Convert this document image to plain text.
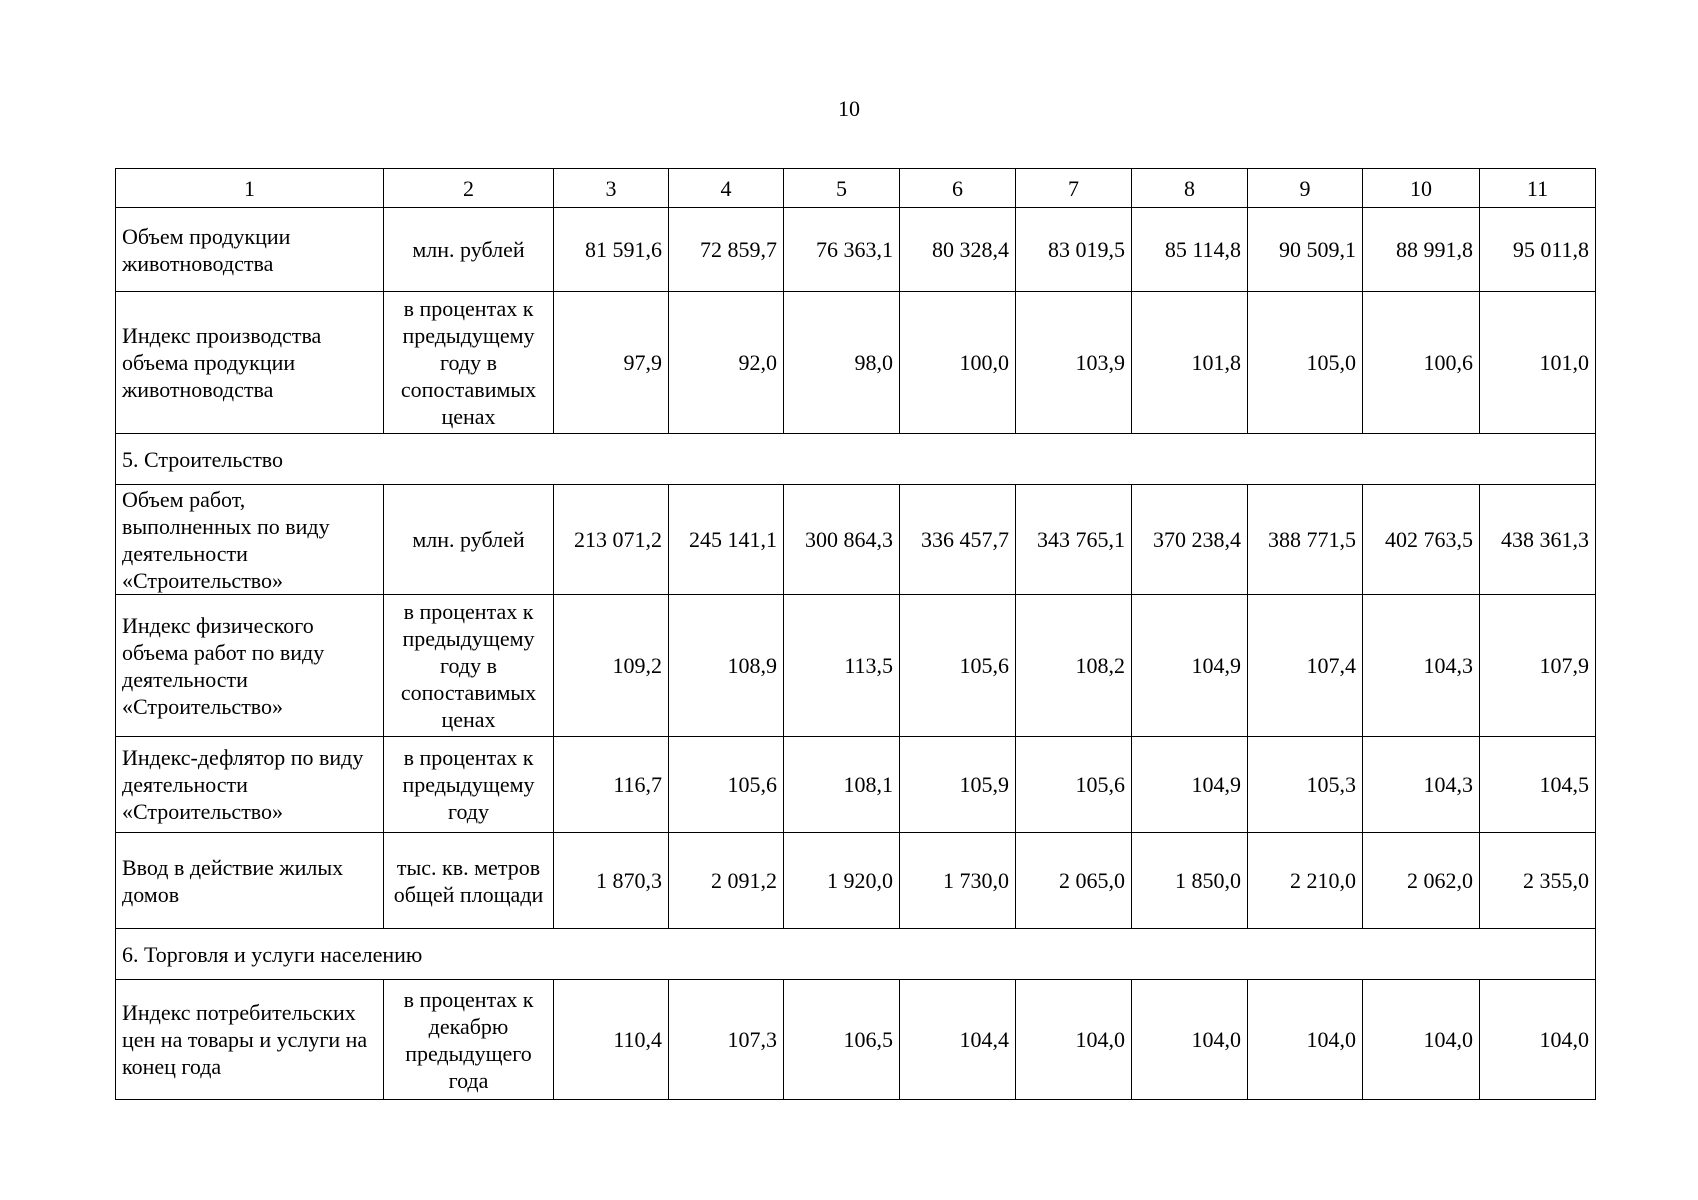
10
1	2	3	4	5	6	7	8	9	10	11
Объем продукции животноводства	млн. рублей	81 591,6	72 859,7	76 363,1	80 328,4	83 019,5	85 114,8	90 509,1	88 991,8	95 011,8
Индекс производства объема продукции животноводства	в процентах к предыдущему году в сопоставимых ценах	97,9	92,0	98,0	100,0	103,9	101,8	105,0	100,6	101,0
5. Строительство										
Объем работ, выполненных по виду деятельности «Строительство»	млн. рублей	213 071,2	245 141,1	300 864,3	336 457,7	343 765,1	370 238,4	388 771,5	402 763,5	438 361,3
Индекс физического объема работ по виду деятельности «Строительство»	в процентах к предыдущему году в сопоставимых ценах	109,2	108,9	113,5	105,6	108,2	104,9	107,4	104,3	107,9
Индекс-дефлятор по виду деятельности «Строительство»	в процентах к предыдущему году	116,7	105,6	108,1	105,9	105,6	104,9	105,3	104,3	104,5
Ввод в действие жилых домов	тыс. кв. метров общей площади	1 870,3	2 091,2	1 920,0	1 730,0	2 065,0	1 850,0	2 210,0	2 062,0	2 355,0
6. Торговля и услуги населению										
Индекс потребительских цен на товары и услуги на конец года	в процентах к декабрю предыдущего года	110,4	107,3	106,5	104,4	104,0	104,0	104,0	104,0	104,0
